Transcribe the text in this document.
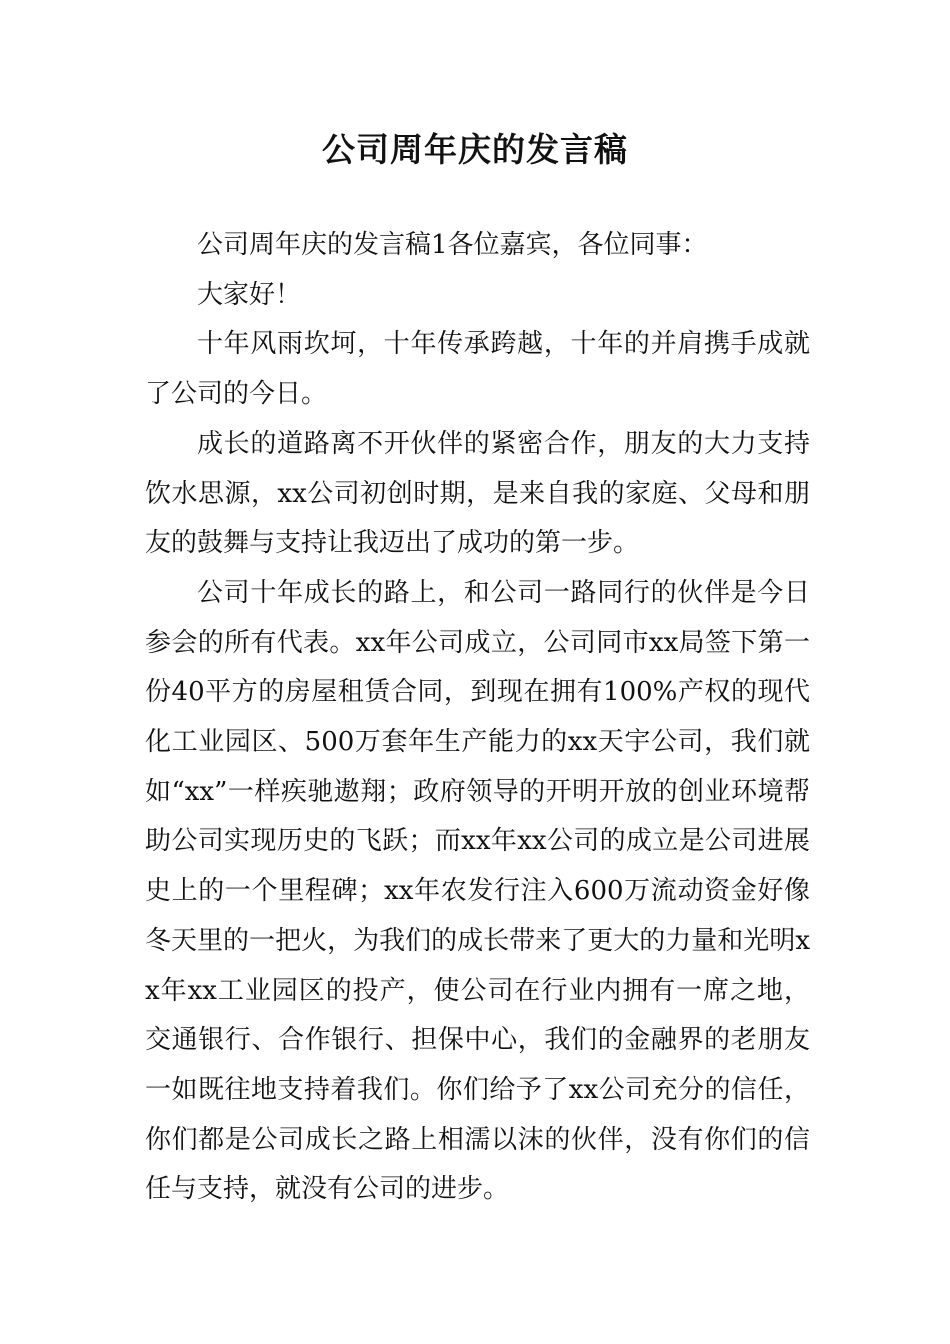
公司周年庆的发言稿

公司周年庆的发言稿1各位嘉宾，各位同事：

大家好！

十年风雨坎坷，十年传承跨越，十年的并肩携手成就了公司的今日。

成长的道路离不开伙伴的紧密合作，朋友的大力支持饮水思源，xx公司初创时期，是来自我的家庭、父母和朋友的鼓舞与支持让我迈出了成功的第一步。

公司十年成长的路上，和公司一路同行的伙伴是今日参会的所有代表。xx年公司成立，公司同市xx局签下第一份40平方的房屋租赁合同，到现在拥有100%产权的现代化工业园区、500万套年生产能力的xx天宇公司，我们就如“xx”一样疾驰遨翔；政府领导的开明开放的创业环境帮助公司实现历史的飞跃；而xx年xx公司的成立是公司进展史上的一个里程碑；xx年农发行注入600万流动资金好像冬天里的一把火，为我们的成长带来了更大的力量和光明xx年xx工业园区的投产，使公司在行业内拥有一席之地，交通银行、合作银行、担保中心，我们的金融界的老朋友一如既往地支持着我们。你们给予了xx公司充分的信任，你们都是公司成长之路上相濡以沫的伙伴，没有你们的信任与支持，就没有公司的进步。
